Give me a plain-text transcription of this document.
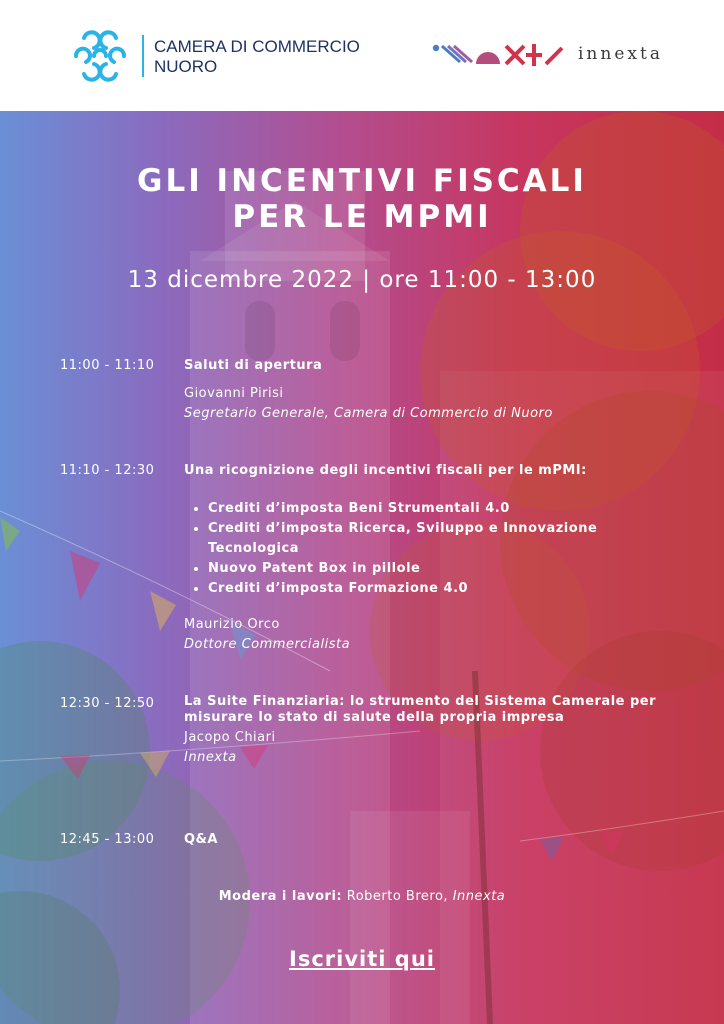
CAMERA DI COMMERCIO
NUORO
innexta
GLI INCENTIVI FISCALI
PER LE MPMI
13 dicembre 2022 | ore 11:00 - 13:00
11:00 - 11:10 Saluti di apertura
Giovanni Pirisi
Segretario Generale, Camera di Commercio di Nuoro
11:10 - 12:30 Una ricognizione degli incentivi fiscali per le mPMI:
• Crediti d’imposta Beni Strumentali 4.0
• Crediti d’imposta Ricerca, Sviluppo e Innovazione Tecnologica
• Nuovo Patent Box in pillole
• Crediti d’imposta Formazione 4.0
Maurizio Orco
Dottore Commercialista
12:30 - 12:50 La Suite Finanziaria: lo strumento del Sistema Camerale per misurare lo stato di salute della propria impresa
Jacopo Chiari
Innexta
12:45 - 13:00 Q&A
Modera i lavori: Roberto Brero, Innexta
Iscriviti qui
